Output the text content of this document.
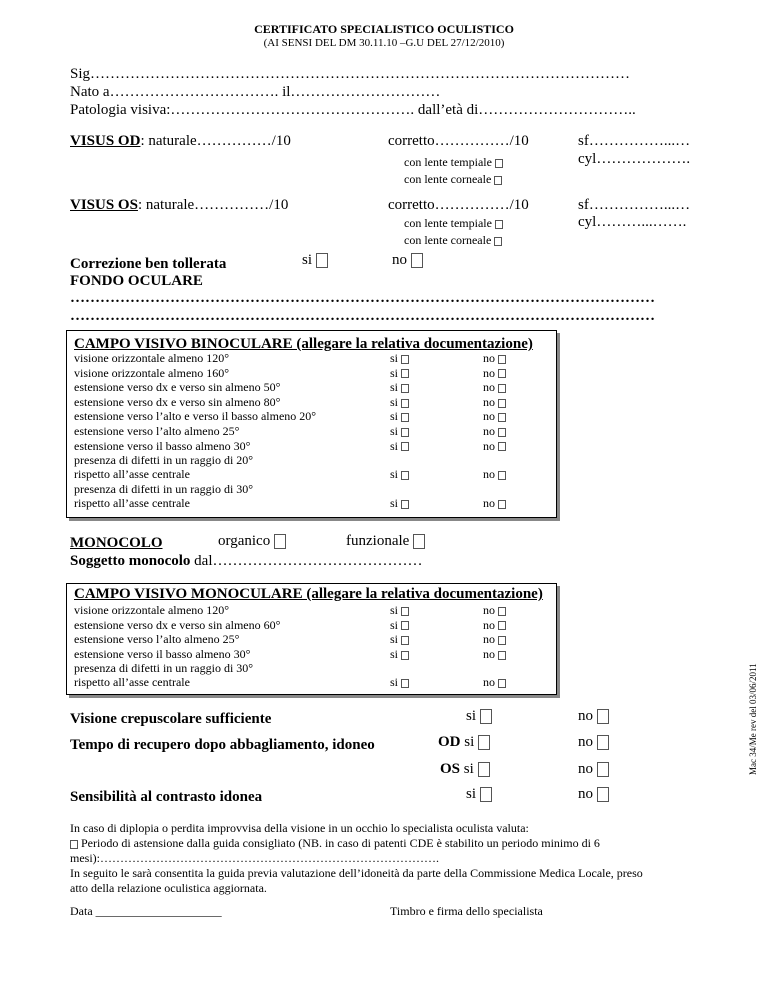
CERTIFICATO SPECIALISTICO OCULISTICO
(AI SENSI DEL DM 30.11.10 –G.U DEL 27/12/2010)
Sig………………………………………………………………………………………………
Nato a……………………………. il…………………………
Patologia visiva:…………………………………………. dall’età di…………………………..
VISUS OD: naturale……………/10	corretto……………/10	sf……………...…
cyl……………….
con lente tempiale
con lente corneale
VISUS OS: naturale……………/10	corretto……………/10	sf……………...…
cyl………...…….
con lente tempiale
con lente corneale
Correzione ben tollerata	si	no
FONDO OCULARE
………………………………………………………………………………………………………
………………………………………………………………………………………………………
CAMPO VISIVO BINOCULARE (allegare la relativa documentazione)
visione orizzontale almeno 120°	si	no
visione orizzontale almeno 160°	si	no
estensione verso dx e verso sin almeno 50°	si	no
estensione verso dx e verso sin almeno 80°	si	no
estensione verso l’alto e verso il basso almeno 20°	si	no
estensione verso l’alto almeno 25°	si	no
estensione verso il basso almeno 30°	si	no
presenza di difetti in un raggio di 20°
rispetto all’asse centrale	si	no
presenza di difetti in un raggio di 30°
rispetto all’asse centrale	si	no
MONOCOLO	organico	funzionale
Soggetto monocolo dal……………………………………
CAMPO VISIVO MONOCULARE (allegare la relativa documentazione)
visione orizzontale almeno 120°	si	no
estensione verso dx e verso sin almeno 60°	si	no
estensione verso l’alto almeno 25°	si	no
estensione verso il basso almeno 30°	si	no
presenza di difetti in un raggio di 30°
rispetto all’asse centrale	si	no
Visione crepuscolare sufficiente	si	no
Tempo di recupero dopo abbagliamento, idoneo	OD si	no
OS si	no
Sensibilità al contrasto idonea	si	no
In caso di diplopia o perdita improvvisa della visione in un occhio lo specialista oculista valuta:
Periodo di astensione dalla guida consigliato (NB. in caso di patenti CDE è stabilito un periodo minimo di 6
mesi):………………………………………………………………………….
In seguito le sarà consentita la guida previa valutazione dell’idoneità da parte della Commissione Medica Locale, preso
atto della relazione oculistica aggiornata.
Data _____________________	Timbro e firma dello specialista
Mac 34/Me rev del 03/06/2011
